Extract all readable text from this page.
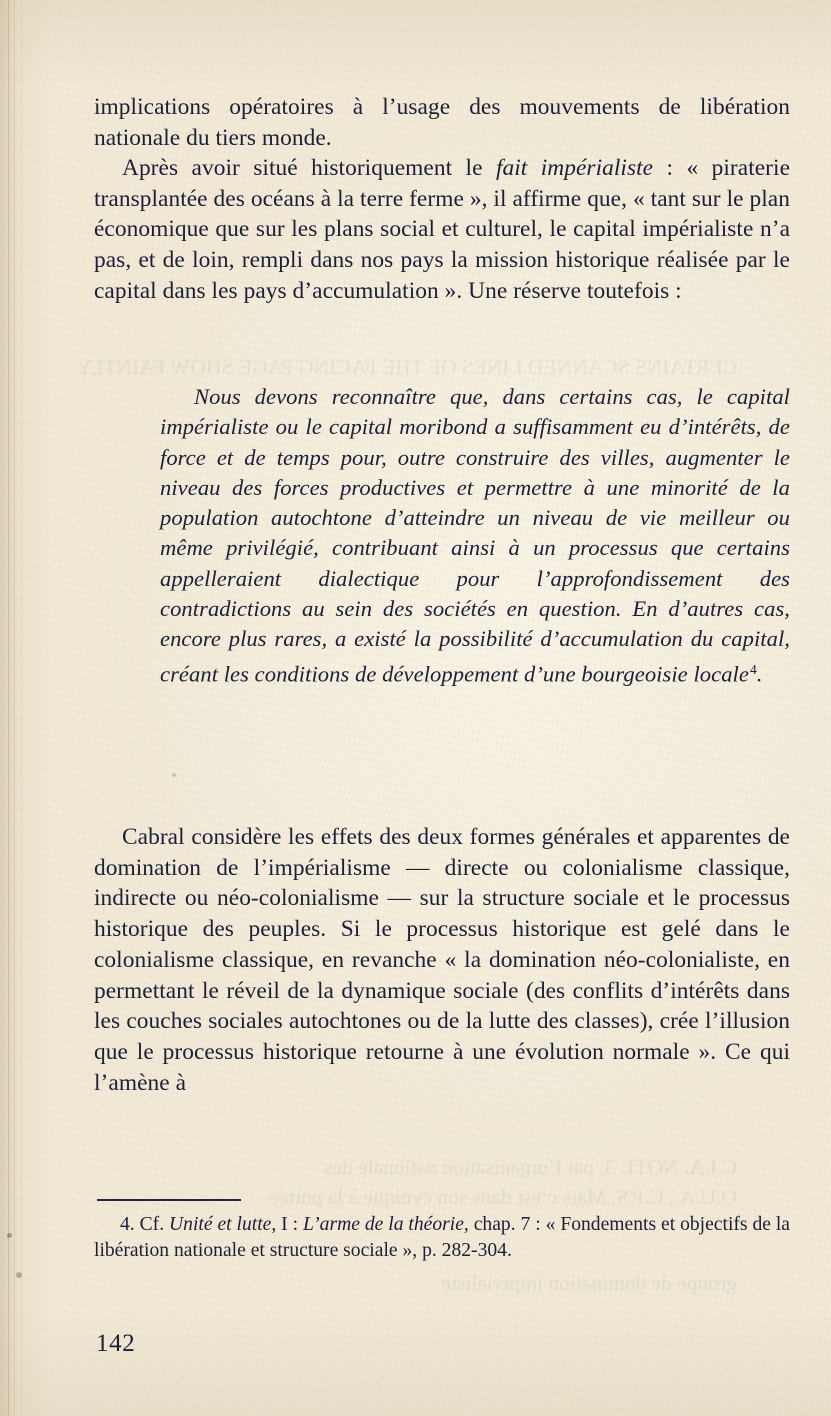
CERTAINS SCANNED LINES OF THE FACING PAGE SHOW FAINTLY
C.I.A. NOTE 3. par l’organisation nationale des
O.U.A., C.P.S. Mais c’est dans son cynique à la portée
groupe de domination impérialiste

implications opératoires à l’usage des mouvements de libération nationale du tiers monde.

Après avoir situé historiquement le fait impérialiste : « piraterie transplantée des océans à la terre ferme », il affirme que, « tant sur le plan économique que sur les plans social et culturel, le capital impérialiste n’a pas, et de loin, rempli dans nos pays la mission historique réalisée par le capital dans les pays d’accumulation ». Une réserve toutefois :

Nous devons reconnaître que, dans certains cas, le capital impérialiste ou le capital moribond a suffisamment eu d’intérêts, de force et de temps pour, outre construire des villes, augmenter le niveau des forces productives et permettre à une minorité de la population autochtone d’atteindre un niveau de vie meilleur ou même privilégié, contribuant ainsi à un processus que certains appelleraient dialectique pour l’approfondissement des contradictions au sein des sociétés en question. En d’autres cas, encore plus rares, a existé la possibilité d’accumulation du capital, créant les conditions de développement d’une bourgeoisie locale$^4$.

Cabral considère les effets des deux formes générales et apparentes de domination de l’impérialisme — directe ou colonialisme classique, indirecte ou néo-colonialisme — sur la structure sociale et le processus historique des peuples. Si le processus historique est gelé dans le colonialisme classique, en revanche « la domination néo-colonialiste, en permettant le réveil de la dynamique sociale (des conflits d’intérêts dans les couches sociales autochtones ou de la lutte des classes), crée l’illusion que le processus historique retourne à une évolution normale ». Ce qui l’amène à

4. Cf. Unité et lutte, I : L’arme de la théorie, chap. 7 : « Fondements et objectifs de la libération nationale et structure sociale », p. 282-304.

142
